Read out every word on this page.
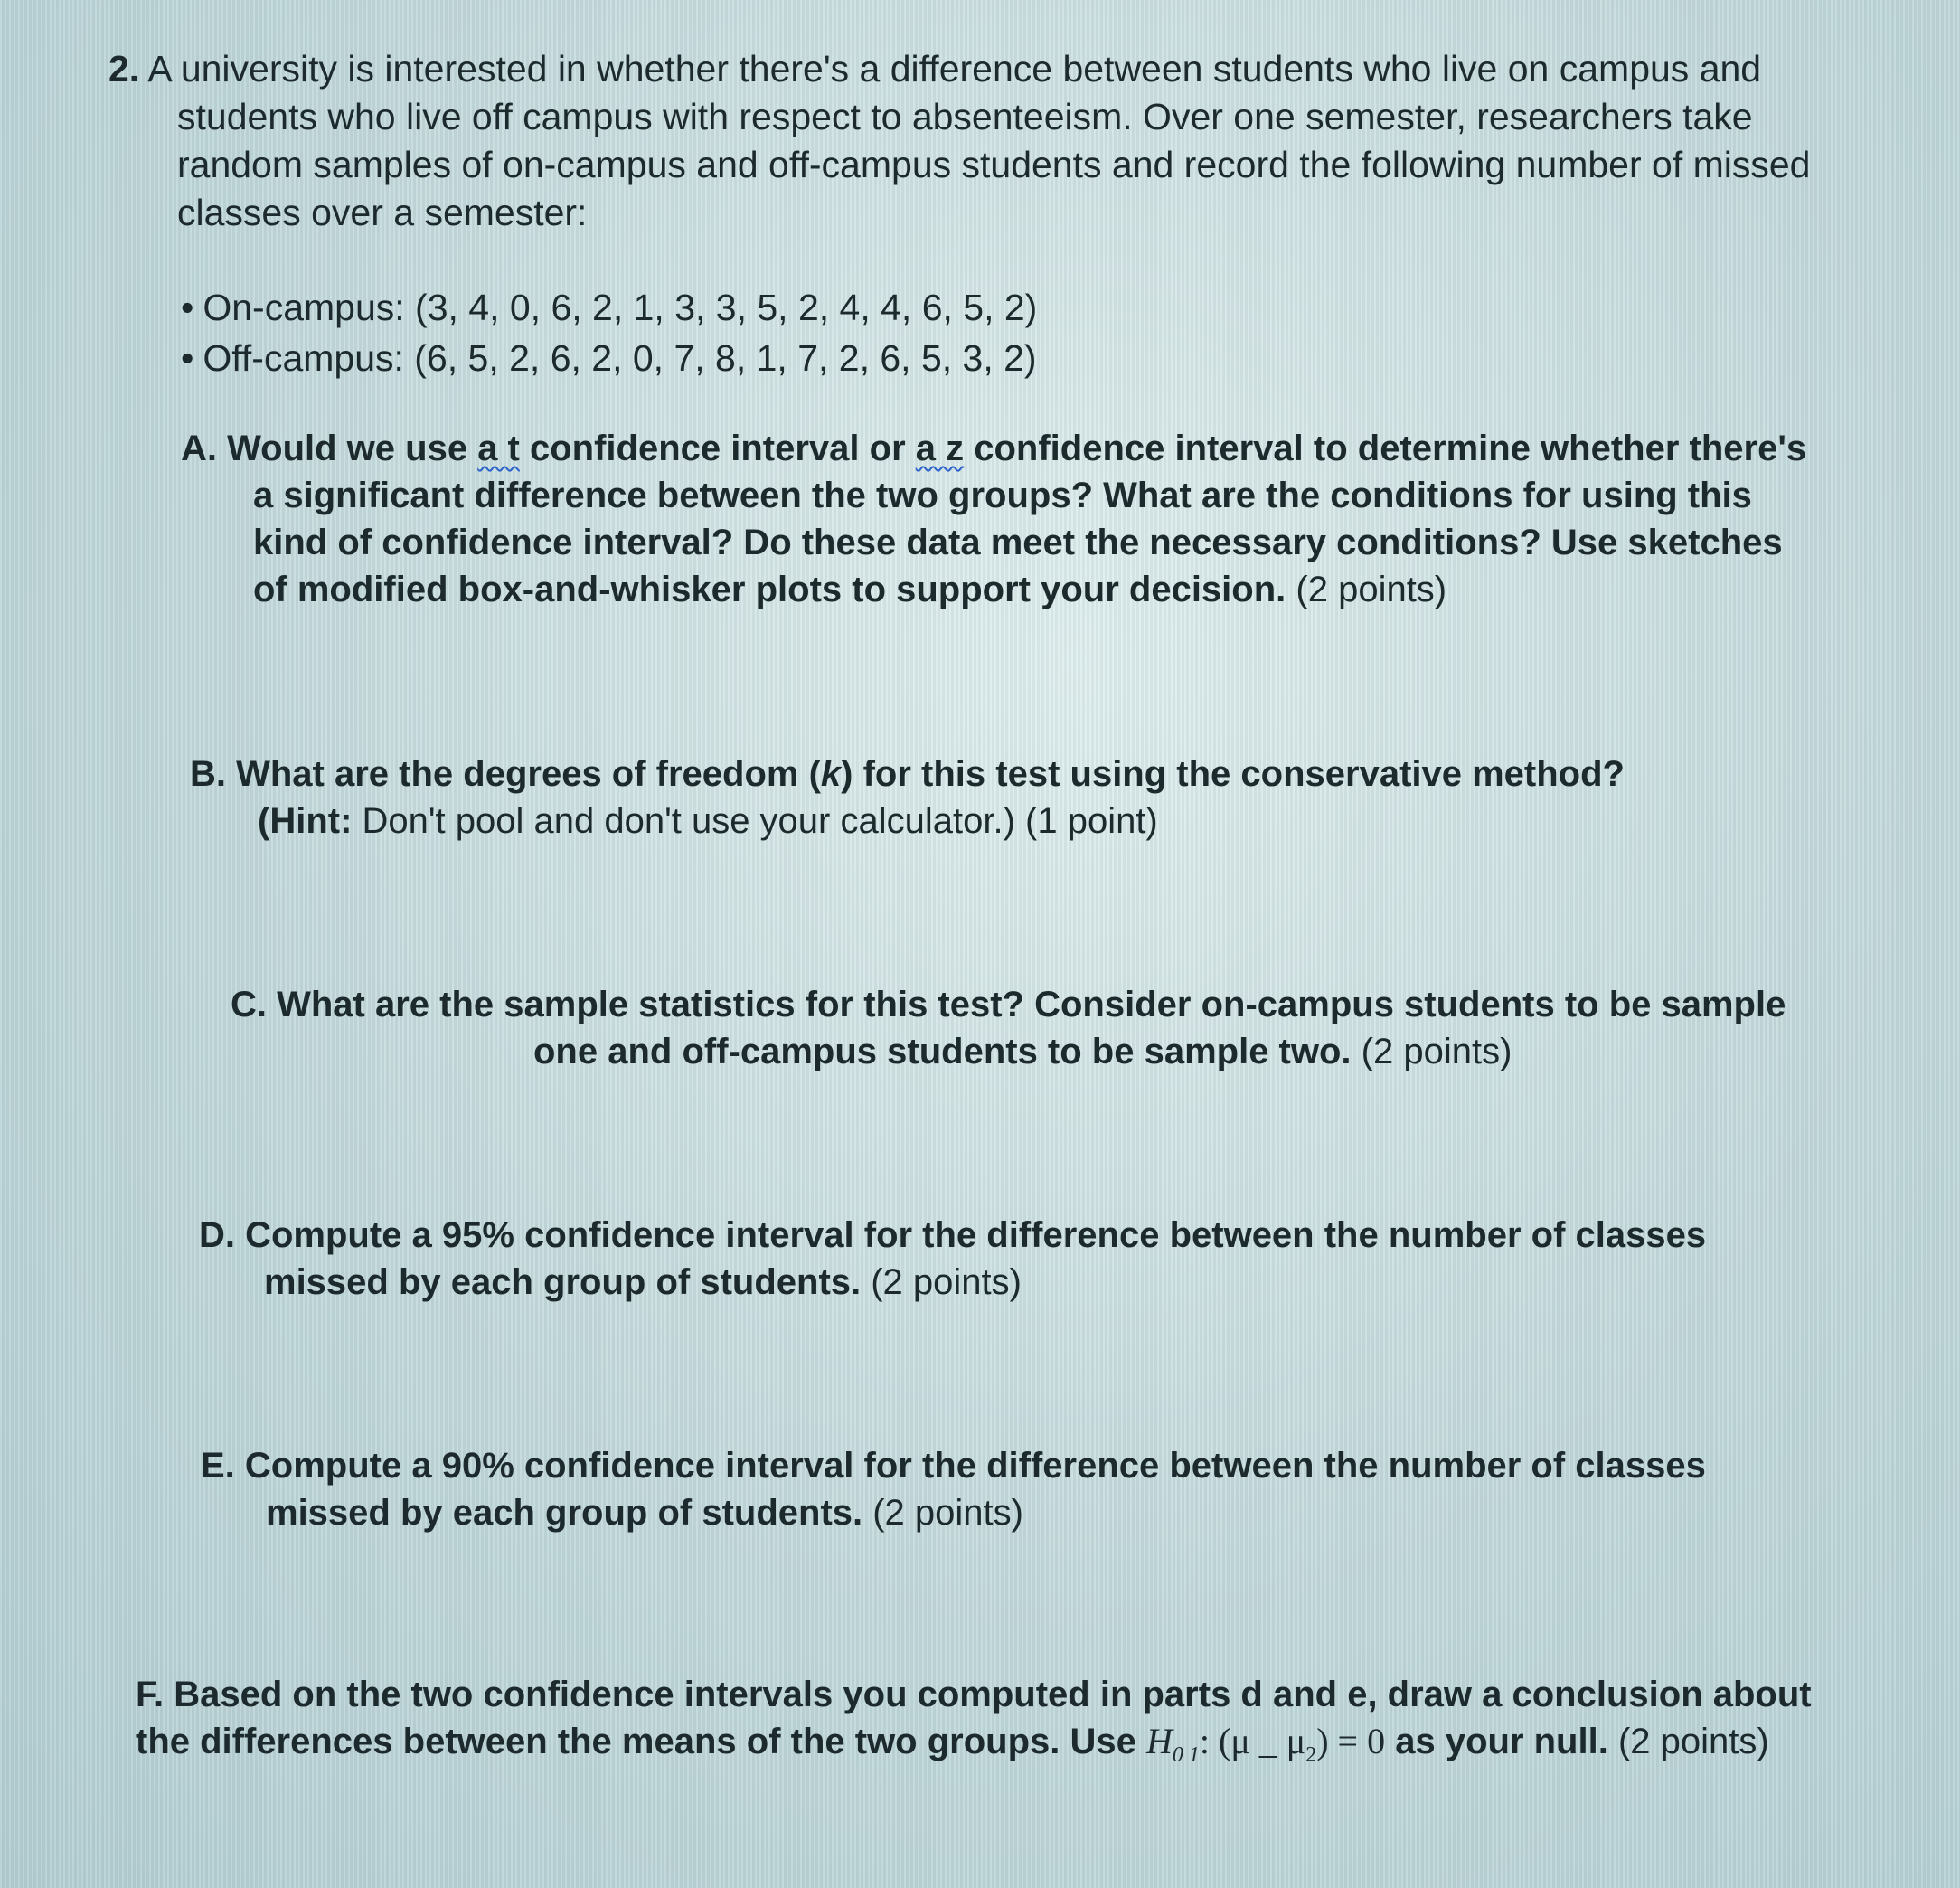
2. A university is interested in whether there's a difference between students who live on campus and
students who live off campus with respect to absenteeism. Over one semester, researchers take
random samples of on-campus and off-campus students and record the following number of missed
classes over a semester:
• On-campus: (3, 4, 0, 6, 2, 1, 3, 3, 5, 2, 4, 4, 6, 5, 2)
• Off-campus: (6, 5, 2, 6, 2, 0, 7, 8, 1, 7, 2, 6, 5, 3, 2)
A. Would we use a t confidence interval or a z confidence interval to determine whether there's
a significant difference between the two groups? What are the conditions for using this
kind of confidence interval? Do these data meet the necessary conditions? Use sketches
of modified box-and-whisker plots to support your decision. (2 points)
B. What are the degrees of freedom (k) for this test using the conservative method?
(Hint: Don't pool and don't use your calculator.) (1 point)
C. What are the sample statistics for this test? Consider on-campus students to be sample
one and off-campus students to be sample two. (2 points)
D. Compute a 95% confidence interval for the difference between the number of classes
missed by each group of students. (2 points)
E. Compute a 90% confidence interval for the difference between the number of classes
missed by each group of students. (2 points)
F. Based on the two confidence intervals you computed in parts d and e, draw a conclusion about
the differences between the means of the two groups. Use $H_{0 1}$: (μ _ $\mu_2) = 0$ as your null. (2 points)
